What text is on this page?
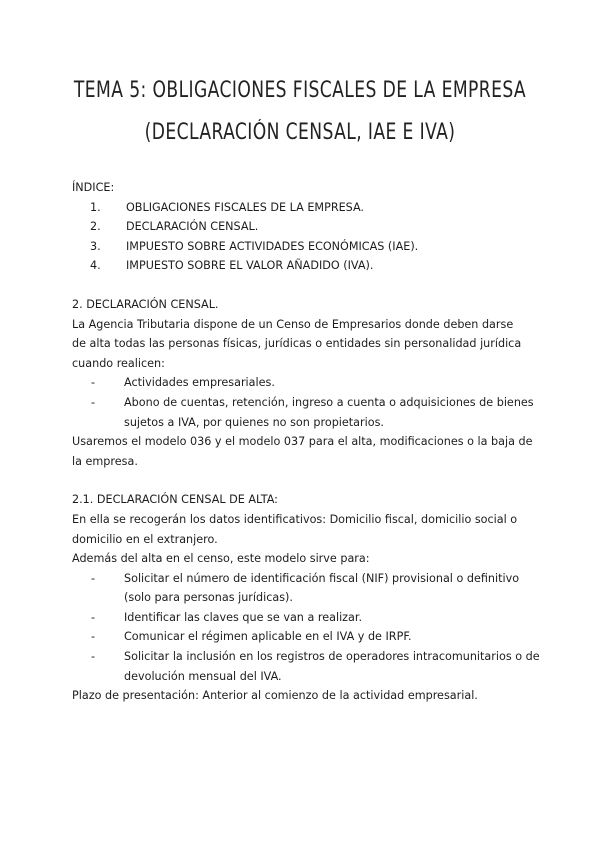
TEMA 5: OBLIGACIONES FISCALES DE LA EMPRESA
(DECLARACIÓN CENSAL, IAE E IVA)
ÍNDICE:
1. OBLIGACIONES FISCALES DE LA EMPRESA.
2. DECLARACIÓN CENSAL.
3. IMPUESTO SOBRE ACTIVIDADES ECONÓMICAS (IAE).
4. IMPUESTO SOBRE EL VALOR AÑADIDO (IVA).
2. DECLARACIÓN CENSAL.
La Agencia Tributaria dispone de un Censo de Empresarios donde deben darse
de alta todas las personas físicas, jurídicas o entidades sin personalidad jurídica
cuando realicen:
-	Actividades empresariales.
-	Abono de cuentas, retención, ingreso a cuenta o adquisiciones de bienes
sujetos a IVA, por quienes no son propietarios.
Usaremos el modelo 036 y el modelo 037 para el alta, modificaciones o la baja de
la empresa.
2.1. DECLARACIÓN CENSAL DE ALTA:
En ella se recogerán los datos identificativos: Domicilio fiscal, domicilio social o
domicilio en el extranjero.
Además del alta en el censo, este modelo sirve para:
-	Solicitar el número de identificación fiscal (NIF) provisional o definitivo
(solo para personas jurídicas).
-	Identificar las claves que se van a realizar.
-	Comunicar el régimen aplicable en el IVA y de IRPF.
-	Solicitar la inclusión en los registros de operadores intracomunitarios o de
devolución mensual del IVA.
Plazo de presentación: Anterior al comienzo de la actividad empresarial.
